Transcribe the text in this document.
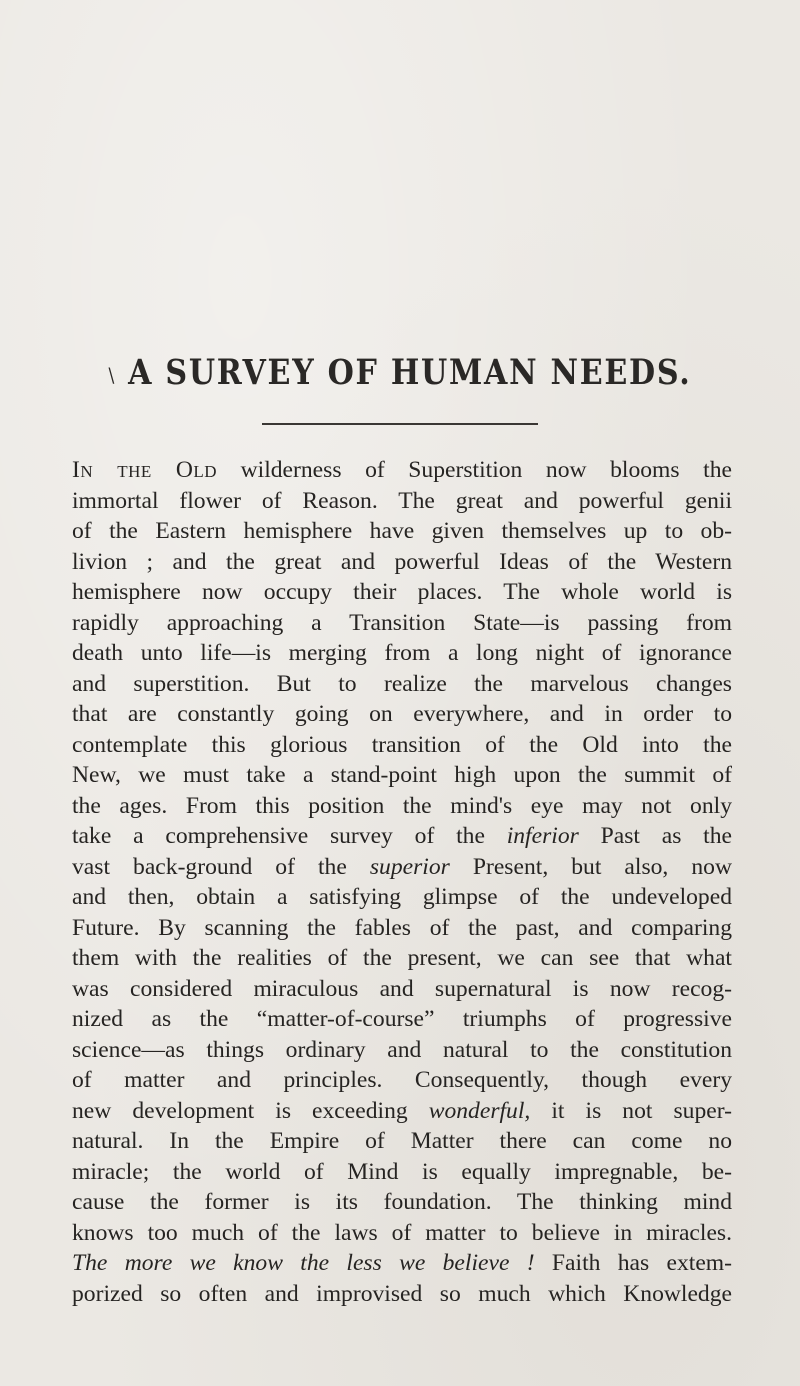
\ A SURVEY OF HUMAN NEEDS.
In the Old wilderness of Superstition now blooms the
immortal flower of Reason. The great and powerful genii
of the Eastern hemisphere have given themselves up to ob-
livion ; and the great and powerful Ideas of the Western
hemisphere now occupy their places. The whole world is
rapidly approaching a Transition State—is passing from
death unto life—is merging from a long night of ignorance
and superstition. But to realize the marvelous changes
that are constantly going on everywhere, and in order to
contemplate this glorious transition of the Old into the
New, we must take a stand-point high upon the summit of
the ages. From this position the mind's eye may not only
take a comprehensive survey of the inferior Past as the
vast back-ground of the superior Present, but also, now
and then, obtain a satisfying glimpse of the undeveloped
Future. By scanning the fables of the past, and comparing
them with the realities of the present, we can see that what
was considered miraculous and supernatural is now recog-
nized as the “matter-of-course” triumphs of progressive
science—as things ordinary and natural to the constitution
of matter and principles. Consequently, though every
new development is exceeding wonderful, it is not super-
natural. In the Empire of Matter there can come no
miracle; the world of Mind is equally impregnable, be-
cause the former is its foundation. The thinking mind
knows too much of the laws of matter to believe in miracles.
The more we know the less we believe ! Faith has extem-
porized so often and improvised so much which Knowledge
